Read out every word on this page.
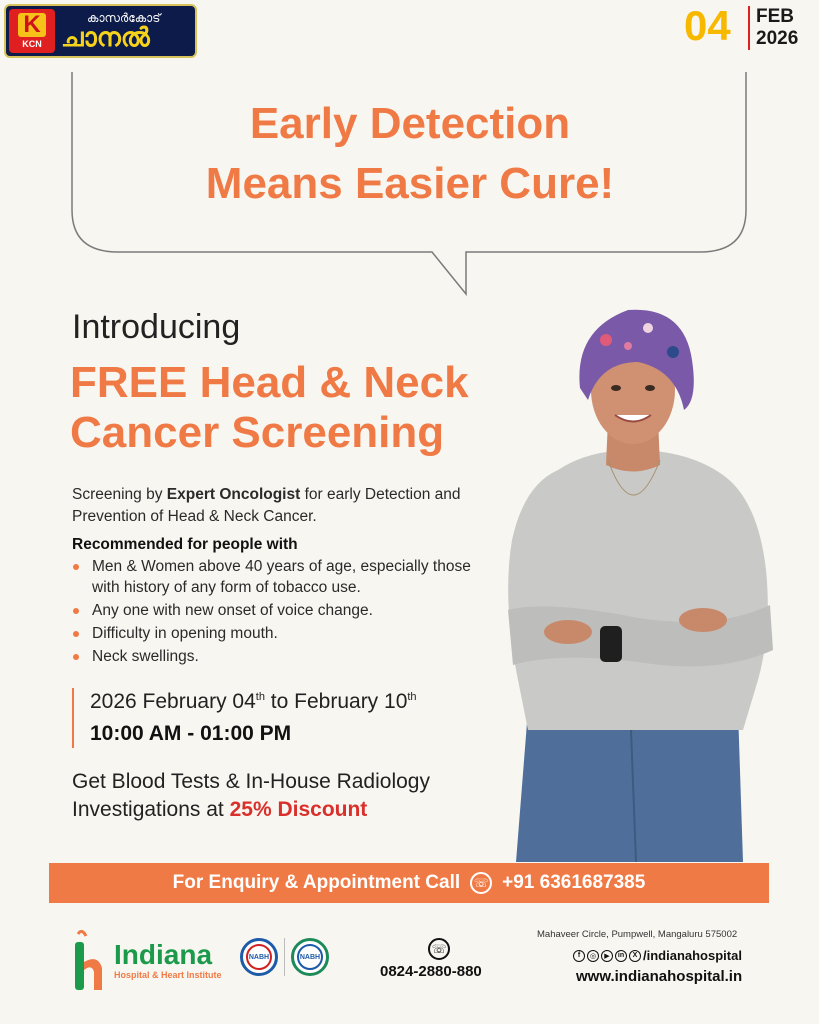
K
KCN
കാസർകോട്
ചാനൽ	04 FEB
2026
Early Detection
Means Easier Cure!
Introducing
FREE Head & Neck
Cancer Screening
Screening by Expert Oncologist for early Detection and Prevention of Head & Neck Cancer.
Recommended for people with
Men & Women above 40 years of age, especially those with history of any form of tobacco use.
Any one with new onset of voice change.
Difficulty in opening mouth.
Neck swellings.
2026 February 04th to February 10th
10:00 AM - 01:00 PM
Get Blood Tests & In-House Radiology
Investigations at 25% Discount
For Enquiry & Appointment Call ☏ +91 6361687385
Indiana
Hospital & Heart Institute
NABH	NABH
☏
0824-2880-880
Mahaveer Circle, Pumpwell, Mangaluru 575002
f	◎	▶	in	X /indianahospital
www.indianahospital.in
